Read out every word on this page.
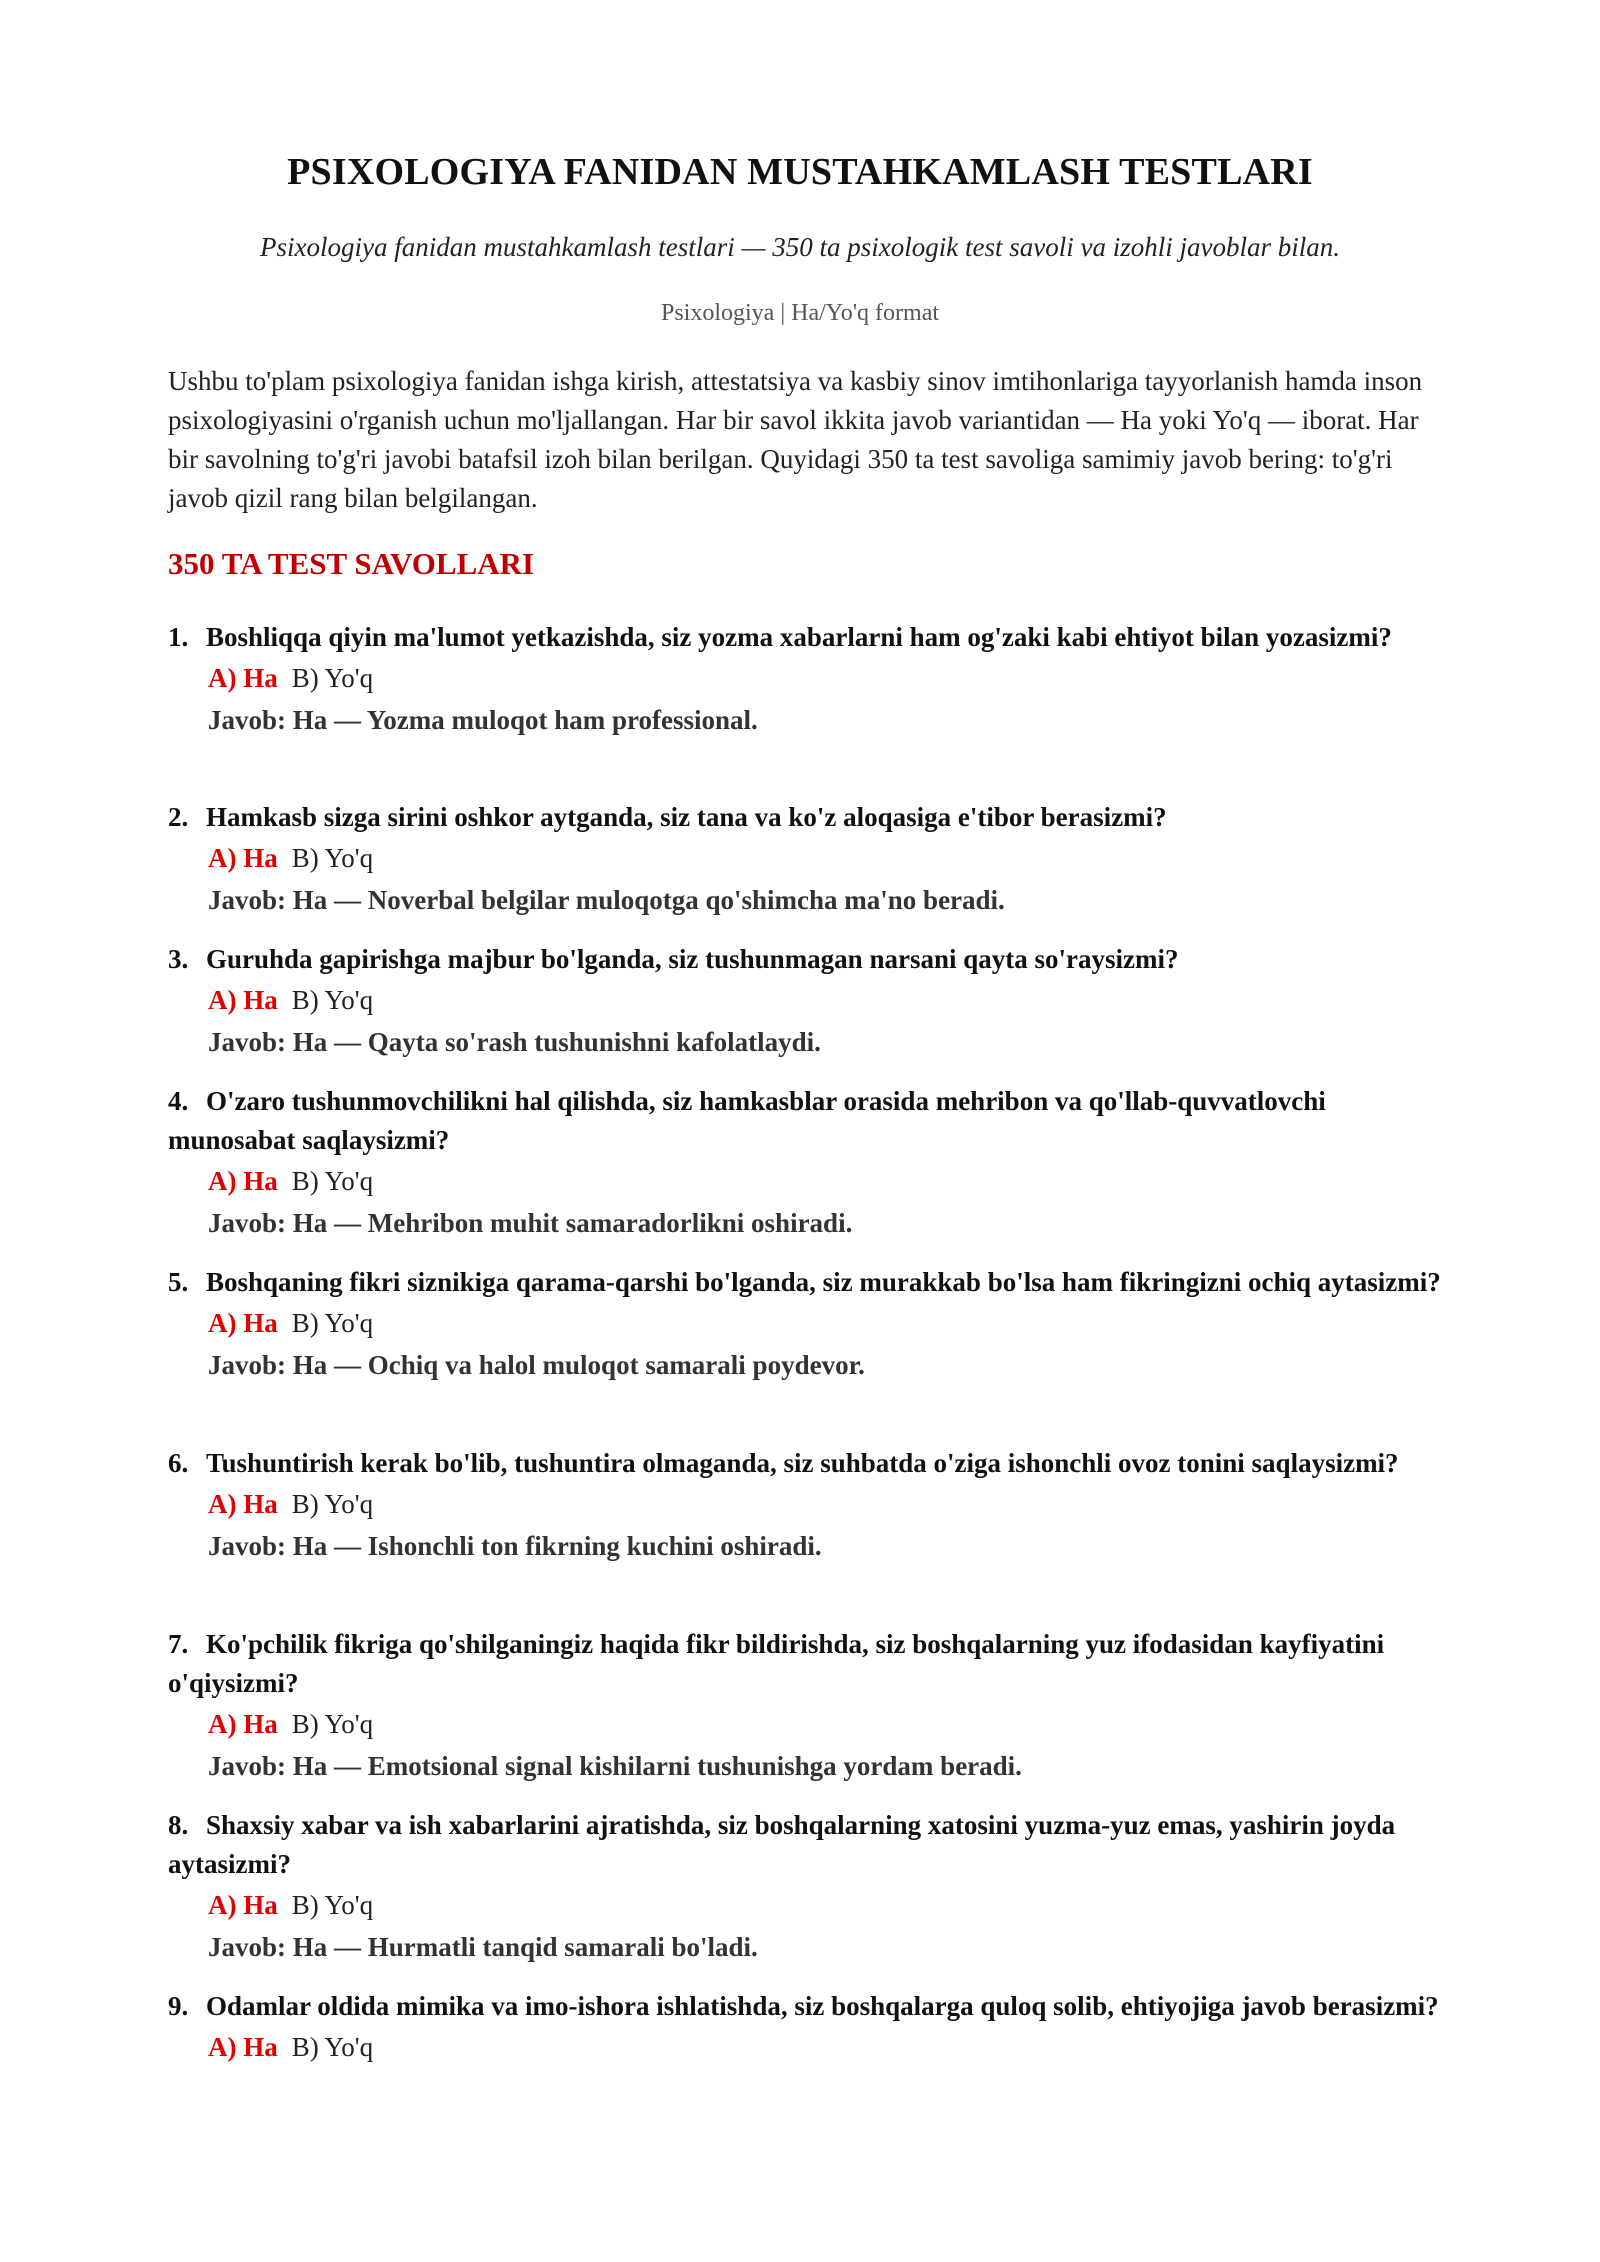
PSIXOLOGIYA FANIDAN MUSTAHKAMLASH TESTLARI
Psixologiya fanidan mustahkamlash testlari — 350 ta psixologik test savoli va izohli javoblar bilan.
Psixologiya | Ha/Yo'q format
Ushbu to'plam psixologiya fanidan ishga kirish, attestatsiya va kasbiy sinov imtihonlariga tayyorlanish hamda inson psixologiyasini o'rganish uchun mo'ljallangan. Har bir savol ikkita javob variantidan — Ha yoki Yo'q — iborat. Har bir savolning to'g'ri javobi batafsil izoh bilan berilgan. Quyidagi 350 ta test savoliga samimiy javob bering: to'g'ri javob qizil rang bilan belgilangan.
350 TA TEST SAVOLLARI
1. Boshliqqa qiyin ma'lumot yetkazishda, siz yozma xabarlarni ham og'zaki kabi ehtiyot bilan yozasizmi?
A) Ha B) Yo'q
Javob: Ha — Yozma muloqot ham professional.
2. Hamkasb sizga sirini oshkor aytganda, siz tana va ko'z aloqasiga e'tibor berasizmi?
A) Ha B) Yo'q
Javob: Ha — Noverbal belgilar muloqotga qo'shimcha ma'no beradi.
3. Guruhda gapirishga majbur bo'lganda, siz tushunmagan narsani qayta so'raysizmi?
A) Ha B) Yo'q
Javob: Ha — Qayta so'rash tushunishni kafolatlaydi.
4. O'zaro tushunmovchilikni hal qilishda, siz hamkasblar orasida mehribon va qo'llab-quvvatlovchi munosabat saqlaysizmi?
A) Ha B) Yo'q
Javob: Ha — Mehribon muhit samaradorlikni oshiradi.
5. Boshqaning fikri siznikiga qarama-qarshi bo'lganda, siz murakkab bo'lsa ham fikringizni ochiq aytasizmi?
A) Ha B) Yo'q
Javob: Ha — Ochiq va halol muloqot samarali poydevor.
6. Tushuntirish kerak bo'lib, tushuntira olmaganda, siz suhbatda o'ziga ishonchli ovoz tonini saqlaysizmi?
A) Ha B) Yo'q
Javob: Ha — Ishonchli ton fikrning kuchini oshiradi.
7. Ko'pchilik fikriga qo'shilganingiz haqida fikr bildirishda, siz boshqalarning yuz ifodasidan kayfiyatini o'qiysizmi?
A) Ha B) Yo'q
Javob: Ha — Emotsional signal kishilarni tushunishga yordam beradi.
8. Shaxsiy xabar va ish xabarlarini ajratishda, siz boshqalarning xatosini yuzma-yuz emas, yashirin joyda aytasizmi?
A) Ha B) Yo'q
Javob: Ha — Hurmatli tanqid samarali bo'ladi.
9. Odamlar oldida mimika va imo-ishora ishlatishda, siz boshqalarga quloq solib, ehtiyojiga javob berasizmi?
A) Ha B) Yo'q
